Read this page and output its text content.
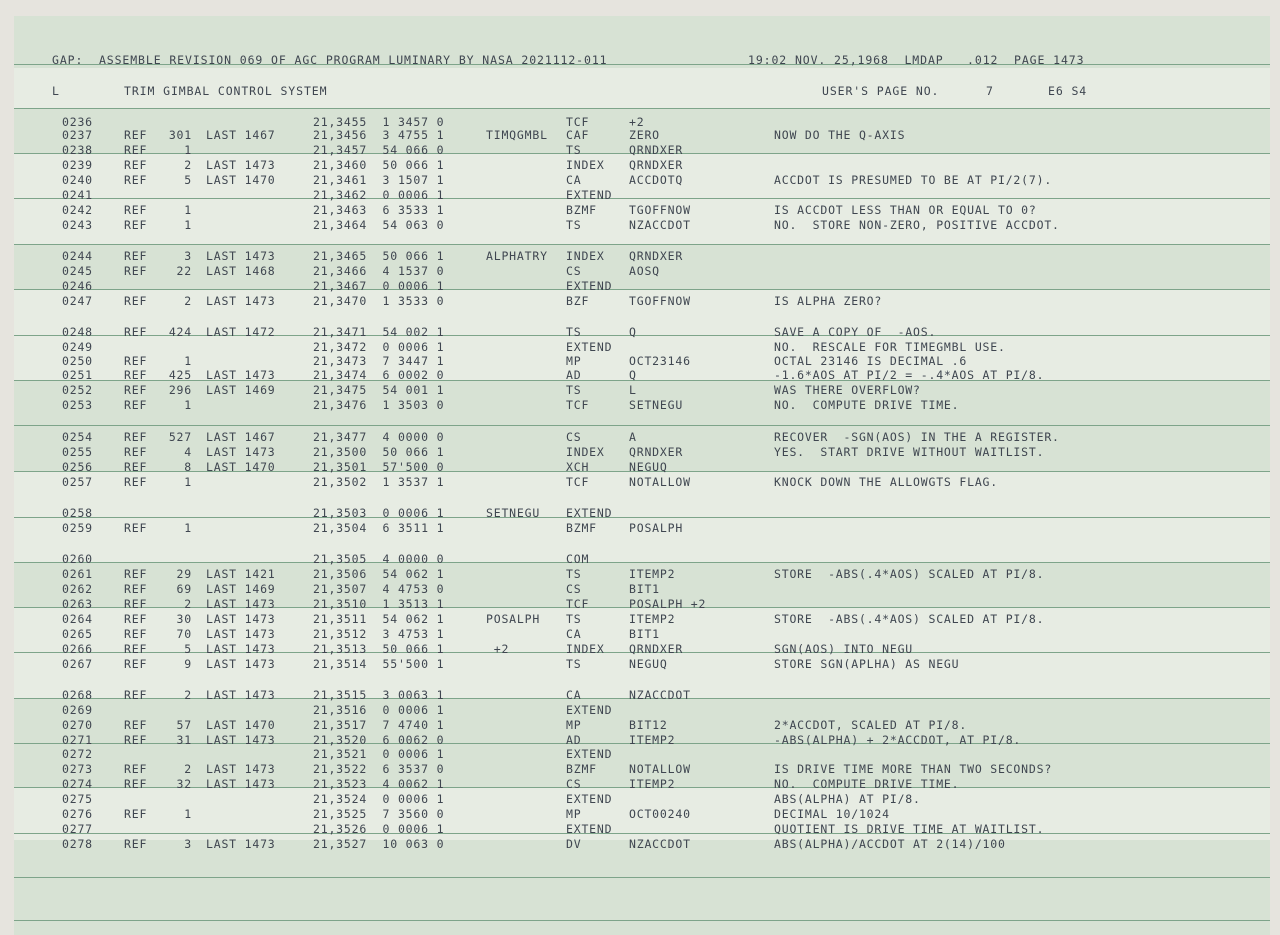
GAP:  ASSEMBLE REVISION 069 OF AGC PROGRAM LUMINARY BY NASA 2021112-011	19:02 NOV. 25,1968  LMDAP   .012  PAGE 1473
L	TRIM GIMBAL CONTROL SYSTEM	USER'S PAGE NO.	7	E6 S4
0236	21,3455  1 3457 0	TCF	+2
0237	REF 301 LAST 1467	21,3456  3 4755 1	TIMQGMBL CAF	ZERO	NOW DO THE Q-AXIS
0238	REF	1	21,3457  54 066 0	TS	QRNDXER
0239	REF	2 LAST 1473	21,3460  50 066 1	INDEX QRNDXER
0240	REF	5 LAST 1470	21,3461  3 1507 1	CA	ACCDOTQ	ACCDOT IS PRESUMED TO BE AT PI/2(7).
0241	21,3462  0 0006 1	EXTEND
0242	REF	1	21,3463  6 3533 1	BZMF	TGOFFNOW	IS ACCDOT LESS THAN OR EQUAL TO 0?
0243	REF	1	21,3464  54 063 0	TS	NZACCDOT	NO.  STORE NON-ZERO, POSITIVE ACCDOT.
0244	REF	3 LAST 1473	21,3465  50 066 1	ALPHATRY INDEX QRNDXER
0245	REF	22 LAST 1468	21,3466  4 1537 0	CS	AOSQ
0246	21,3467  0 0006 1	EXTEND
0247	REF	2 LAST 1473	21,3470  1 3533 0	BZF	TGOFFNOW	IS ALPHA ZERO?
0248	REF 424 LAST 1472	21,3471  54 002 1	TS	Q	SAVE A COPY OF  -AOS.
0249	21,3472  0 0006 1	EXTEND	NO.  RESCALE FOR TIMEGMBL USE.
0250	REF	1	21,3473  7 3447 1	MP	OCT23146	OCTAL 23146 IS DECIMAL .6
0251	REF 425 LAST 1473	21,3474  6 0002 0	AD	Q	-1.6*AOS AT PI/2 = -.4*AOS AT PI/8.
0252	REF 296 LAST 1469	21,3475  54 001 1	TS	L	WAS THERE OVERFLOW?
0253	REF	1	21,3476  1 3503 0	TCF	SETNEGU	NO.  COMPUTE DRIVE TIME.
0254	REF 527 LAST 1467	21,3477  4 0000 0	CS	A	RECOVER  -SGN(AOS) IN THE A REGISTER.
0255	REF	4 LAST 1473	21,3500  50 066 1	INDEX QRNDXER	YES.  START DRIVE WITHOUT WAITLIST.
0256	REF	8 LAST 1470	21,3501  57'500 0	XCH	NEGUQ
0257	REF	1	21,3502  1 3537 1	TCF	NOTALLOW	KNOCK DOWN THE ALLOWGTS FLAG.
0258	21,3503  0 0006 1	SETNEGU EXTEND
0259	REF	1	21,3504  6 3511 1	BZMF	POSALPH
0260	21,3505  4 0000 0	COM
0261	REF	29 LAST 1421	21,3506  54 062 1	TS	ITEMP2	STORE  -ABS(.4*AOS) SCALED AT PI/8.
0262	REF	69 LAST 1469	21,3507  4 4753 0	CS	BIT1
0263	REF	2 LAST 1473	21,3510  1 3513 1	TCF	POSALPH +2
0264	REF	30 LAST 1473	21,3511  54 062 1	POSALPH TS	ITEMP2	STORE  -ABS(.4*AOS) SCALED AT PI/8.
0265	REF	70 LAST 1473	21,3512  3 4753 1	CA	BIT1
0266	REF	5 LAST 1473	21,3513  50 066 1	+2	INDEX QRNDXER	SGN(AOS) INTO NEGU
0267	REF	9 LAST 1473	21,3514  55'500 1	TS	NEGUQ	STORE SGN(APLHA) AS NEGU
0268	REF	2 LAST 1473	21,3515  3 0063 1	CA	NZACCDOT
0269	21,3516  0 0006 1	EXTEND
0270	REF	57 LAST 1470	21,3517  7 4740 1	MP	BIT12	2*ACCDOT, SCALED AT PI/8.
0271	REF	31 LAST 1473	21,3520  6 0062 0	AD	ITEMP2	-ABS(ALPHA) + 2*ACCDOT, AT PI/8.
0272	21,3521  0 0006 1	EXTEND
0273	REF	2 LAST 1473	21,3522  6 3537 0	BZMF	NOTALLOW	IS DRIVE TIME MORE THAN TWO SECONDS?
0274	REF	32 LAST 1473	21,3523  4 0062 1	CS	ITEMP2	NO.  COMPUTE DRIVE TIME.
0275	21,3524  0 0006 1	EXTEND	ABS(ALPHA) AT PI/8.
0276	REF	1	21,3525  7 3560 0	MP	OCT00240	DECIMAL 10/1024
0277	21,3526  0 0006 1	EXTEND	QUOTIENT IS DRIVE TIME AT WAITLIST.
0278	REF	3 LAST 1473	21,3527  10 063 0	DV	NZACCDOT	ABS(ALPHA)/ACCDOT AT 2(14)/100
